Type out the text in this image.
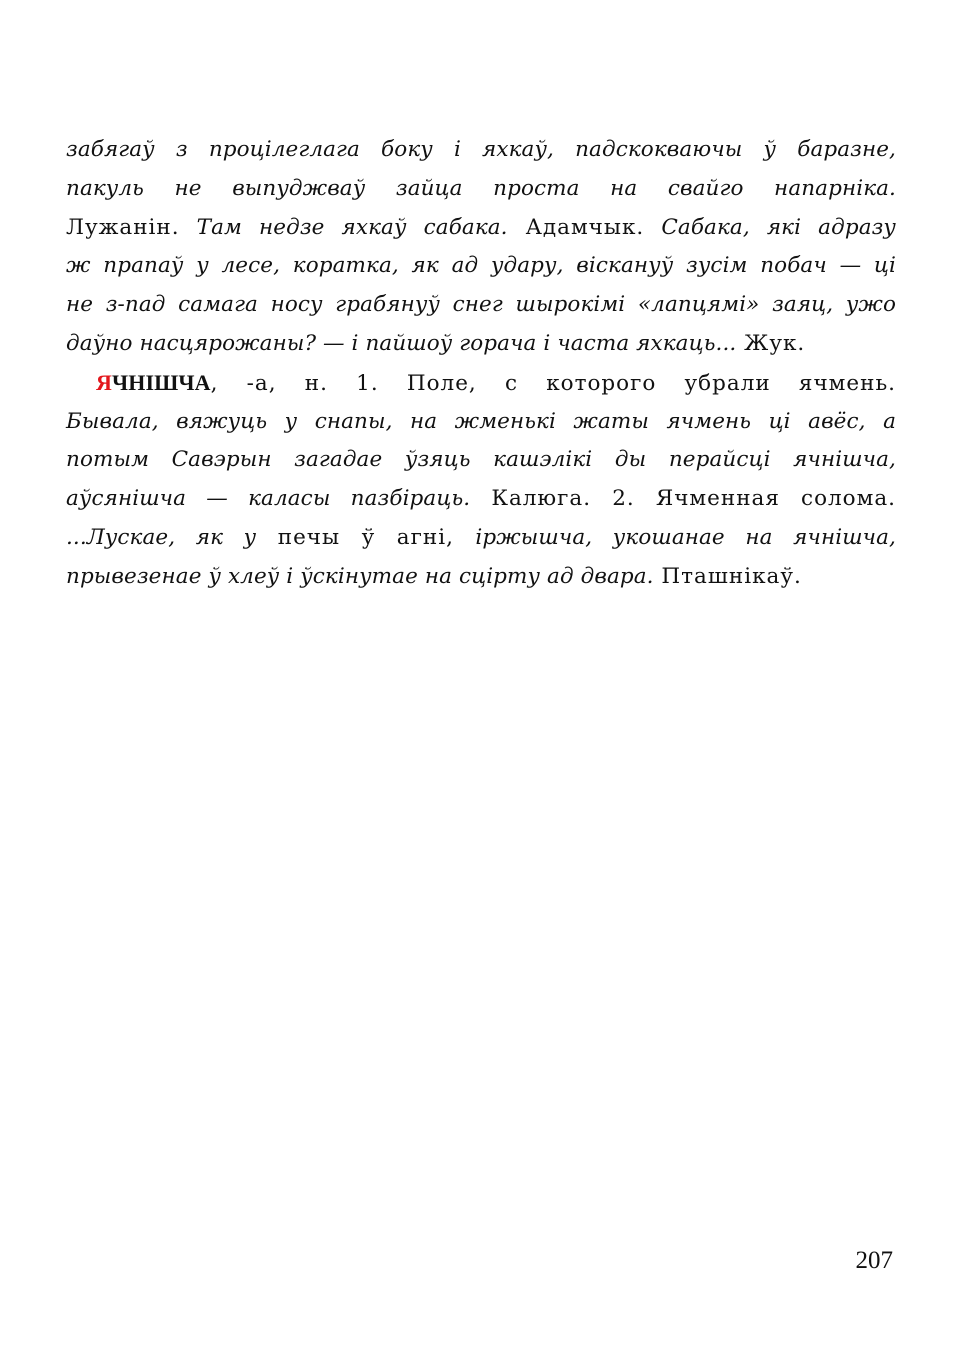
забягаў з процілеглага боку і яхкаў, падскокваючы ў баразне,
пакуль не выпуджваў зайца проста на свайго напарніка.
Лужанін. Там недзе яхкаў сабака. Адамчык. Сабака, які адразу
ж прапаў у лесе, коратка, як ад удару, віскануў зусім побач — ці
не з-пад самага носу грабянуў снег шырокімі «лапцямі» заяц, ужо
даўно насцярожаны? — і пайшоў горача і часта яхкаць... Жук.
ЯЧНІШЧА, -а, н. 1. Поле, с которого убрали ячмень.
Бывала, вяжуць у снапы, на жменькі жаты ячмень ці авёс, а
потым Савэрын загадае ўзяць кашэлікі ды перайсці ячнішча,
аўсянішча — каласы пазбіраць. Калюга. 2. Ячменная солома.
...Лускае, як у печы ў агні, іржышча, укошанае на ячнішча,
прывезенае ў хлеў і ўскінутае на сцірту ад двара. Пташнікаў.
207
